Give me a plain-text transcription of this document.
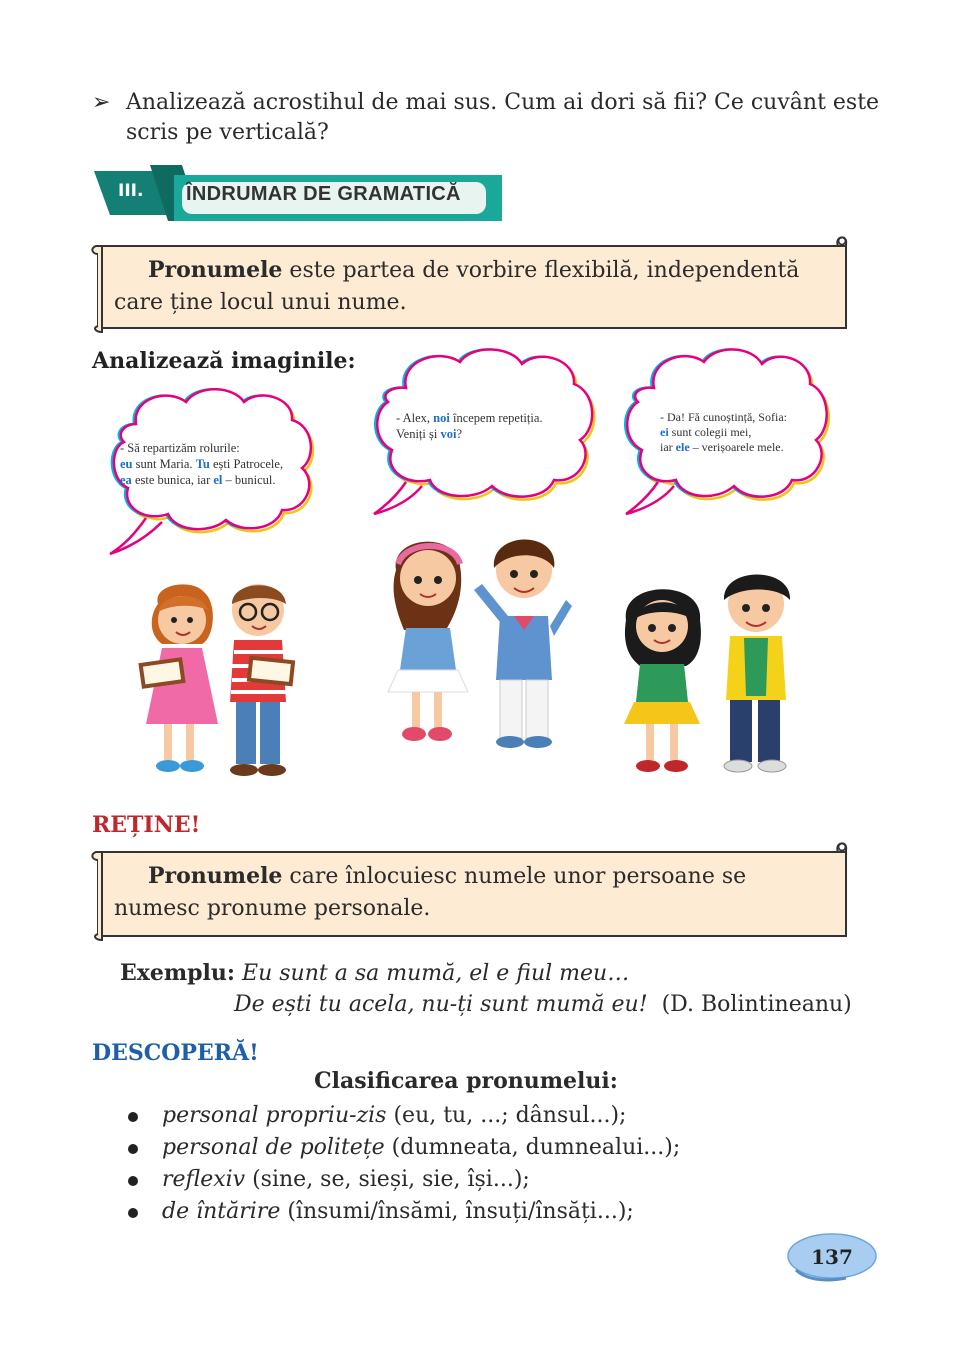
➢ Analizează acrostihul de mai sus. Cum ai dori să fii? Ce cuvânt este scris pe verticală?
III. ÎNDRUMAR DE GRAMATICĂ
Pronumele este partea de vorbire flexibilă, independentă care ține locul unui nume.
Analizează imaginile:
- Să repartizăm rolurile:
eu sunt Maria. Tu ești Patrocele,
ea este bunica, iar el – bunicul.
- Alex, noi începem repetiția.
Veniți și voi?
- Da! Fă cunoștință, Sofia:
ei sunt colegii mei,
iar ele – verișoarele mele.
REȚINE!
Pronumele care înlocuiesc numele unor persoane se numesc pronume personale.
Exemplu: Eu sunt a sa mumă, el e fiul meu…
De ești tu acela, nu-ți sunt mumă eu! (D. Bolintineanu)
DESCOPERĂ!
Clasificarea pronumelui:
personal propriu-zis (eu, tu, ...; dânsul...);
personal de politețe (dumneata, dumnealui...);
reflexiv (sine, se, sieși, sie, își...);
de întărire (însumi/însămi, însuți/însăți...);
137
